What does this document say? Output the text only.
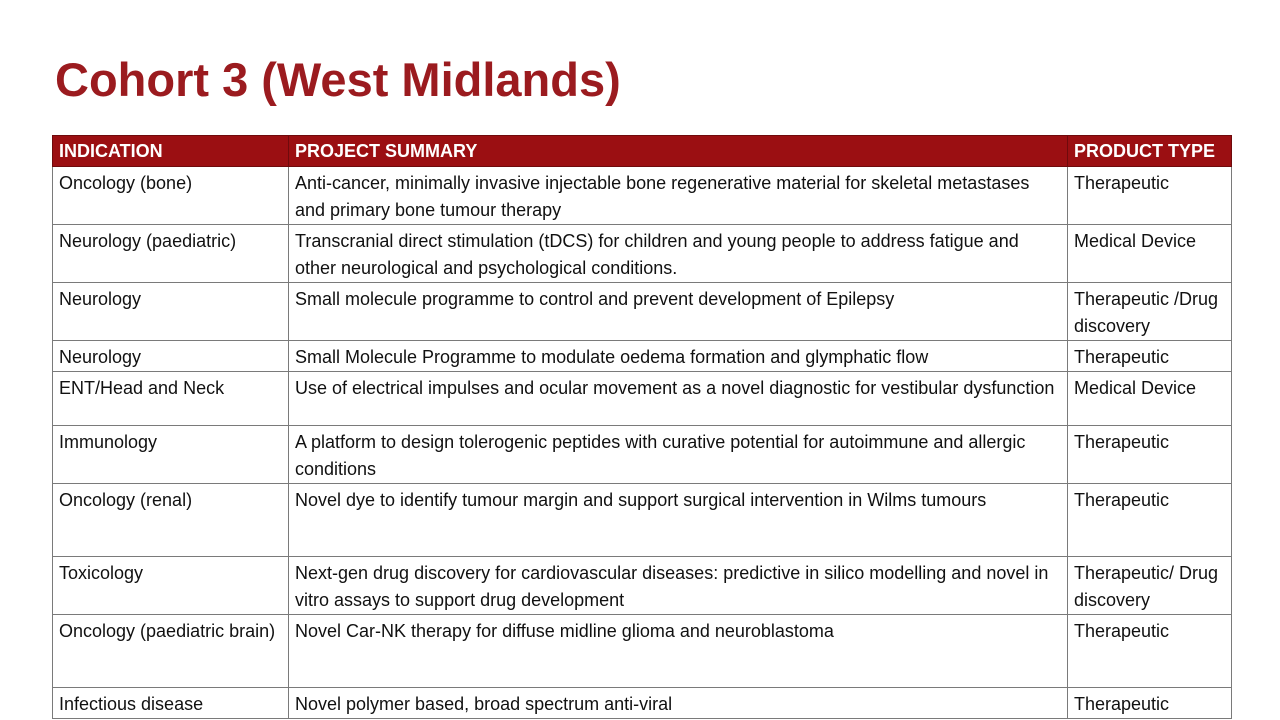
Cohort 3 (West Midlands)
INDICATION	PROJECT SUMMARY	PRODUCT TYPE
Oncology (bone)	Anti-cancer, minimally invasive injectable bone regenerative material for skeletal metastases and primary bone tumour therapy	Therapeutic
Neurology (paediatric)	Transcranial direct stimulation (tDCS) for children and young people to address fatigue and other neurological and psychological conditions.	Medical Device
Neurology	Small molecule programme to control and prevent development of Epilepsy	Therapeutic /Drug discovery
Neurology	Small Molecule Programme to modulate oedema formation and glymphatic flow	Therapeutic
ENT/Head and Neck	Use of electrical impulses and ocular movement as a novel diagnostic for vestibular dysfunction	Medical Device
Immunology	A platform to design tolerogenic peptides with curative potential for autoimmune and allergic conditions	Therapeutic
Oncology (renal)	Novel dye to identify tumour margin and support surgical intervention in Wilms tumours	Therapeutic
Toxicology	Next-gen drug discovery for cardiovascular diseases: predictive in silico modelling and novel in vitro assays to support drug development	Therapeutic/ Drug discovery
Oncology (paediatric brain)	Novel Car-NK therapy for diffuse midline glioma and neuroblastoma	Therapeutic
Infectious disease	Novel polymer based, broad spectrum anti-viral	Therapeutic
